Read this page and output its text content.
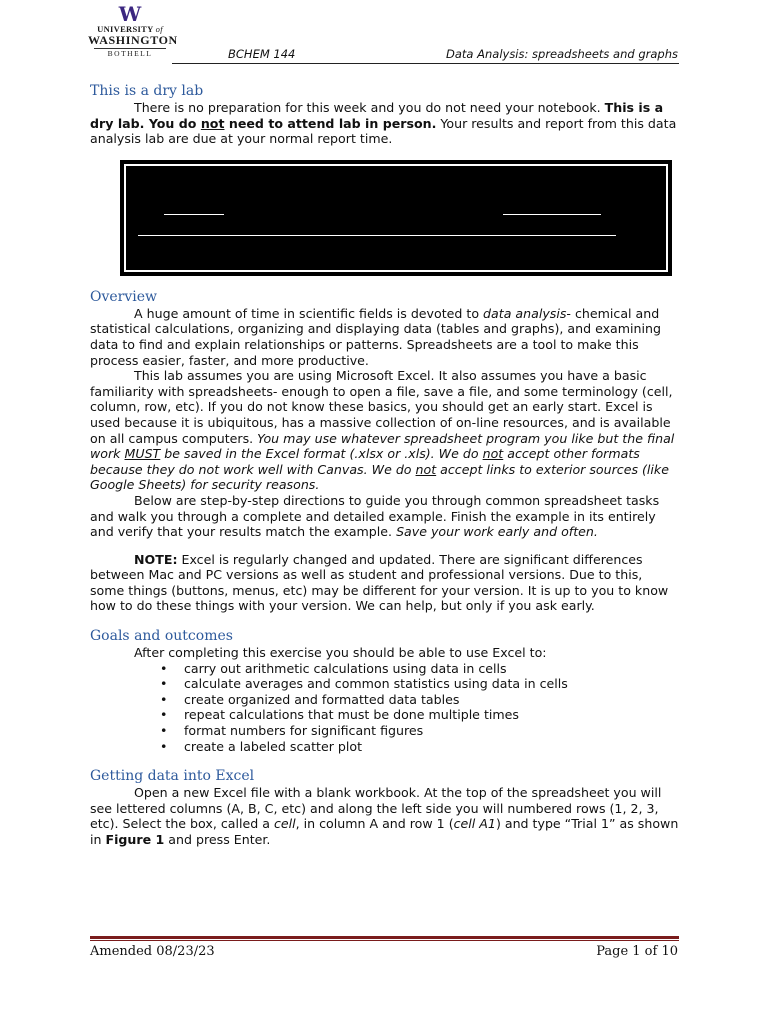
W
UNIVERSITY of
WASHINGTON
BOTHELL	BCHEM 144	Data Analysis: spreadsheets and graphs
This is a dry lab

There is no preparation for this week and you do not need your notebook. This is a dry lab. You do not need to attend lab in person. Your results and report from this data analysis lab are due at your normal report time.

Overview

A huge amount of time in scientific fields is devoted to data analysis- chemical and statistical calculations, organizing and displaying data (tables and graphs), and examining data to find and explain relationships or patterns. Spreadsheets are a tool to make this process easier, faster, and more productive.

This lab assumes you are using Microsoft Excel. It also assumes you have a basic familiarity with spreadsheets- enough to open a file, save a file, and some terminology (cell, column, row, etc). If you do not know these basics, you should get an early start. Excel is used because it is ubiquitous, has a massive collection of on-line resources, and is available on all campus computers. You may use whatever spreadsheet program you like but the final work MUST be saved in the Excel format (.xlsx or .xls). We do not accept other formats because they do not work well with Canvas. We do not accept links to exterior sources (like Google Sheets) for security reasons.

Below are step-by-step directions to guide you through common spreadsheet tasks and walk you through a complete and detailed example. Finish the example in its entirely and verify that your results match the example. Save your work early and often.

NOTE: Excel is regularly changed and updated. There are significant differences between Mac and PC versions as well as student and professional versions. Due to this, some things (buttons, menus, etc) may be different for your version. It is up to you to know how to do these things with your version. We can help, but only if you ask early.

Goals and outcomes

After completing this exercise you should be able to use Excel to:

• carry out arithmetic calculations using data in cells
• calculate averages and common statistics using data in cells
• create organized and formatted data tables
• repeat calculations that must be done multiple times
• format numbers for significant figures
• create a labeled scatter plot
Getting data into Excel

Open a new Excel file with a blank workbook. At the top of the spreadsheet you will see lettered columns (A, B, C, etc) and along the left side you will numbered rows (1, 2, 3, etc). Select the box, called a cell, in column A and row 1 (cell A1) and type “Trial 1” as shown in Figure 1 and press Enter.

Amended 08/23/23	Page 1 of 10
